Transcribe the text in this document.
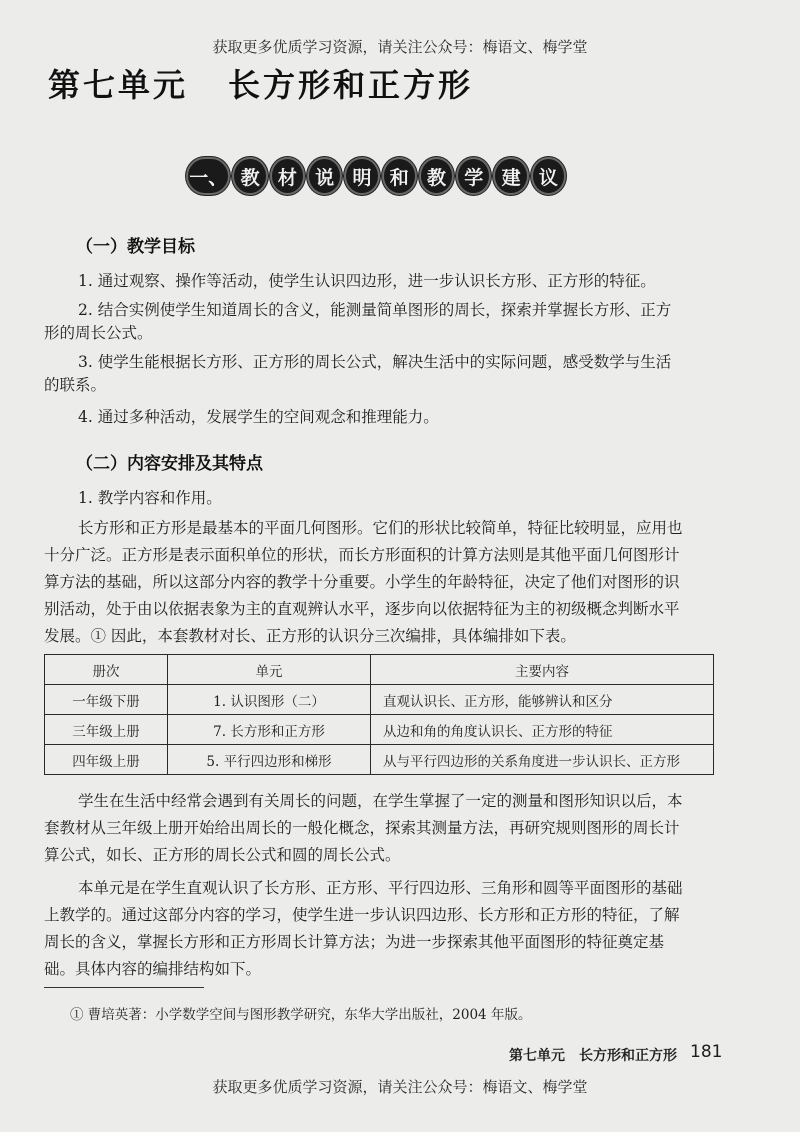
获取更多优质学习资源，请关注公众号：梅语文、梅学堂
第七单元 长方形和正方形
一、 教 材 说 明 和 教 学 建 议
（一）教学目标
1. 通过观察、操作等活动，使学生认识四边形，进一步认识长方形、正方形的特征。
2. 结合实例使学生知道周长的含义，能测量简单图形的周长，探索并掌握长方形、正方
形的周长公式。
3. 使学生能根据长方形、正方形的周长公式，解决生活中的实际问题，感受数学与生活
的联系。
4. 通过多种活动，发展学生的空间观念和推理能力。
（二）内容安排及其特点
1. 教学内容和作用。
长方形和正方形是最基本的平面几何图形。它们的形状比较简单，特征比较明显，应用也
十分广泛。正方形是表示面积单位的形状，而长方形面积的计算方法则是其他平面几何图形计
算方法的基础，所以这部分内容的教学十分重要。小学生的年龄特征，决定了他们对图形的识
别活动，处于由以依据表象为主的直观辨认水平，逐步向以依据特征为主的初级概念判断水平
发展。① 因此，本套教材对长、正方形的认识分三次编排，具体编排如下表。
册次	单元	主要内容
一年级下册	1. 认识图形（二）	直观认识长、正方形，能够辨认和区分
三年级上册	7. 长方形和正方形	从边和角的角度认识长、正方形的特征
四年级上册	5. 平行四边形和梯形	从与平行四边形的关系角度进一步认识长、正方形
学生在生活中经常会遇到有关周长的问题，在学生掌握了一定的测量和图形知识以后，本
套教材从三年级上册开始给出周长的一般化概念，探索其测量方法，再研究规则图形的周长计
算公式，如长、正方形的周长公式和圆的周长公式。
本单元是在学生直观认识了长方形、正方形、平行四边形、三角形和圆等平面图形的基础
上教学的。通过这部分内容的学习，使学生进一步认识四边形、长方形和正方形的特征，了解
周长的含义，掌握长方形和正方形周长计算方法；为进一步探索其他平面图形的特征奠定基
础。具体内容的编排结构如下。
① 曹培英著：小学数学空间与图形教学研究，东华大学出版社，2004 年版。
第七单元　长方形和正方形 181
获取更多优质学习资源，请关注公众号：梅语文、梅学堂
